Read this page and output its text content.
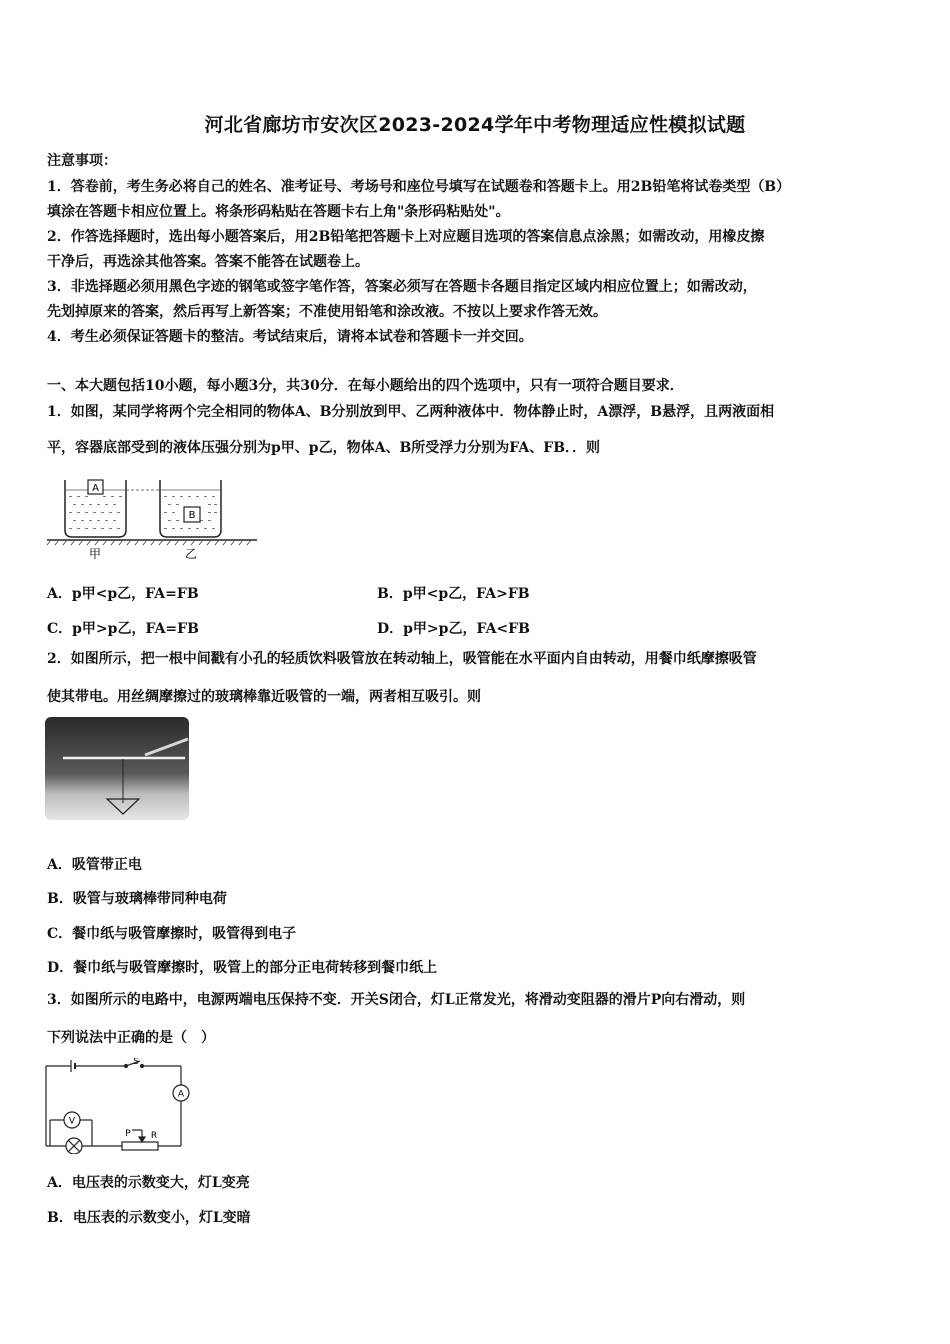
河北省廊坊市安次区2023-2024学年中考物理适应性模拟试题
注意事项：
1．答卷前，考生务必将自己的姓名、准考证号、考场号和座位号填写在试题卷和答题卡上。用2B铅笔将试卷类型（B）
填涂在答题卡相应位置上。将条形码粘贴在答题卡右上角"条形码粘贴处"。
2．作答选择题时，选出每小题答案后，用2B铅笔把答题卡上对应题目选项的答案信息点涂黑；如需改动，用橡皮擦
干净后，再选涂其他答案。答案不能答在试题卷上。
3．非选择题必须用黑色字迹的钢笔或签字笔作答，答案必须写在答题卡各题目指定区域内相应位置上；如需改动，
先划掉原来的答案，然后再写上新答案；不准使用铅笔和涂改液。不按以上要求作答无效。
4．考生必须保证答题卡的整洁。考试结束后，请将本试卷和答题卡一并交回。
一、本大题包括10小题，每小题3分，共30分．在每小题给出的四个选项中，只有一项符合题目要求．
1．如图，某同学将两个完全相同的物体A、B分别放到甲、乙两种液体中．物体静止时，A漂浮，B悬浮，且两液面相
平，容器底部受到的液体压强分别为p甲、p乙，物体A、B所受浮力分别为FA、FB．．则
A
B
甲	乙
A．p甲<p乙，FA=FB	B．p甲<p乙，FA>FB
C．p甲>p乙，FA=FB	D．p甲>p乙，FA<FB
2．如图所示，把一根中间戳有小孔的轻质饮料吸管放在转动轴上，吸管能在水平面内自由转动，用餐巾纸摩擦吸管
使其带电。用丝绸摩擦过的玻璃棒靠近吸管的一端，两者相互吸引。则
A．吸管带正电
B．吸管与玻璃棒带同种电荷
C．餐巾纸与吸管摩擦时，吸管得到电子
D．餐巾纸与吸管摩擦时，吸管上的部分正电荷转移到餐巾纸上
3．如图所示的电路中，电源两端电压保持不变．开关S闭合，灯L正常发光，将滑动变阻器的滑片P向右滑动，则
下列说法中正确的是（　）
S
A
V
P R
A．电压表的示数变大，灯L变亮
B．电压表的示数变小，灯L变暗
